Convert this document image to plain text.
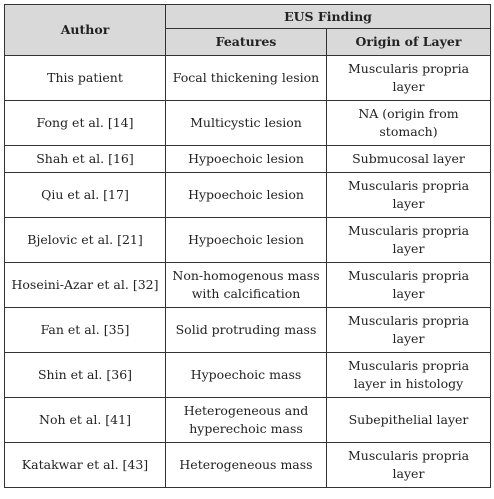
Author	EUS Finding	
	Features	Origin of Layer
This patient	Focal thickening lesion	Muscularis propria layer
Fong et al. [14]	Multicystic lesion	NA (origin from stomach)
Shah et al. [16]	Hypoechoic lesion	Submucosal layer
Qiu et al. [17]	Hypoechoic lesion	Muscularis propria layer
Bjelovic et al. [21]	Hypoechoic lesion	Muscularis propria layer
Hoseini-Azar et al. [32]	Non-homogenous mass with calcification	Muscularis propria layer
Fan et al. [35]	Solid protruding mass	Muscularis propria layer
Shin et al. [36]	Hypoechoic mass	Muscularis propria layer in histology
Noh et al. [41]	Heterogeneous and hyperechoic mass	Subepithelial layer
Katakwar et al. [43]	Heterogeneous mass	Muscularis propria layer
